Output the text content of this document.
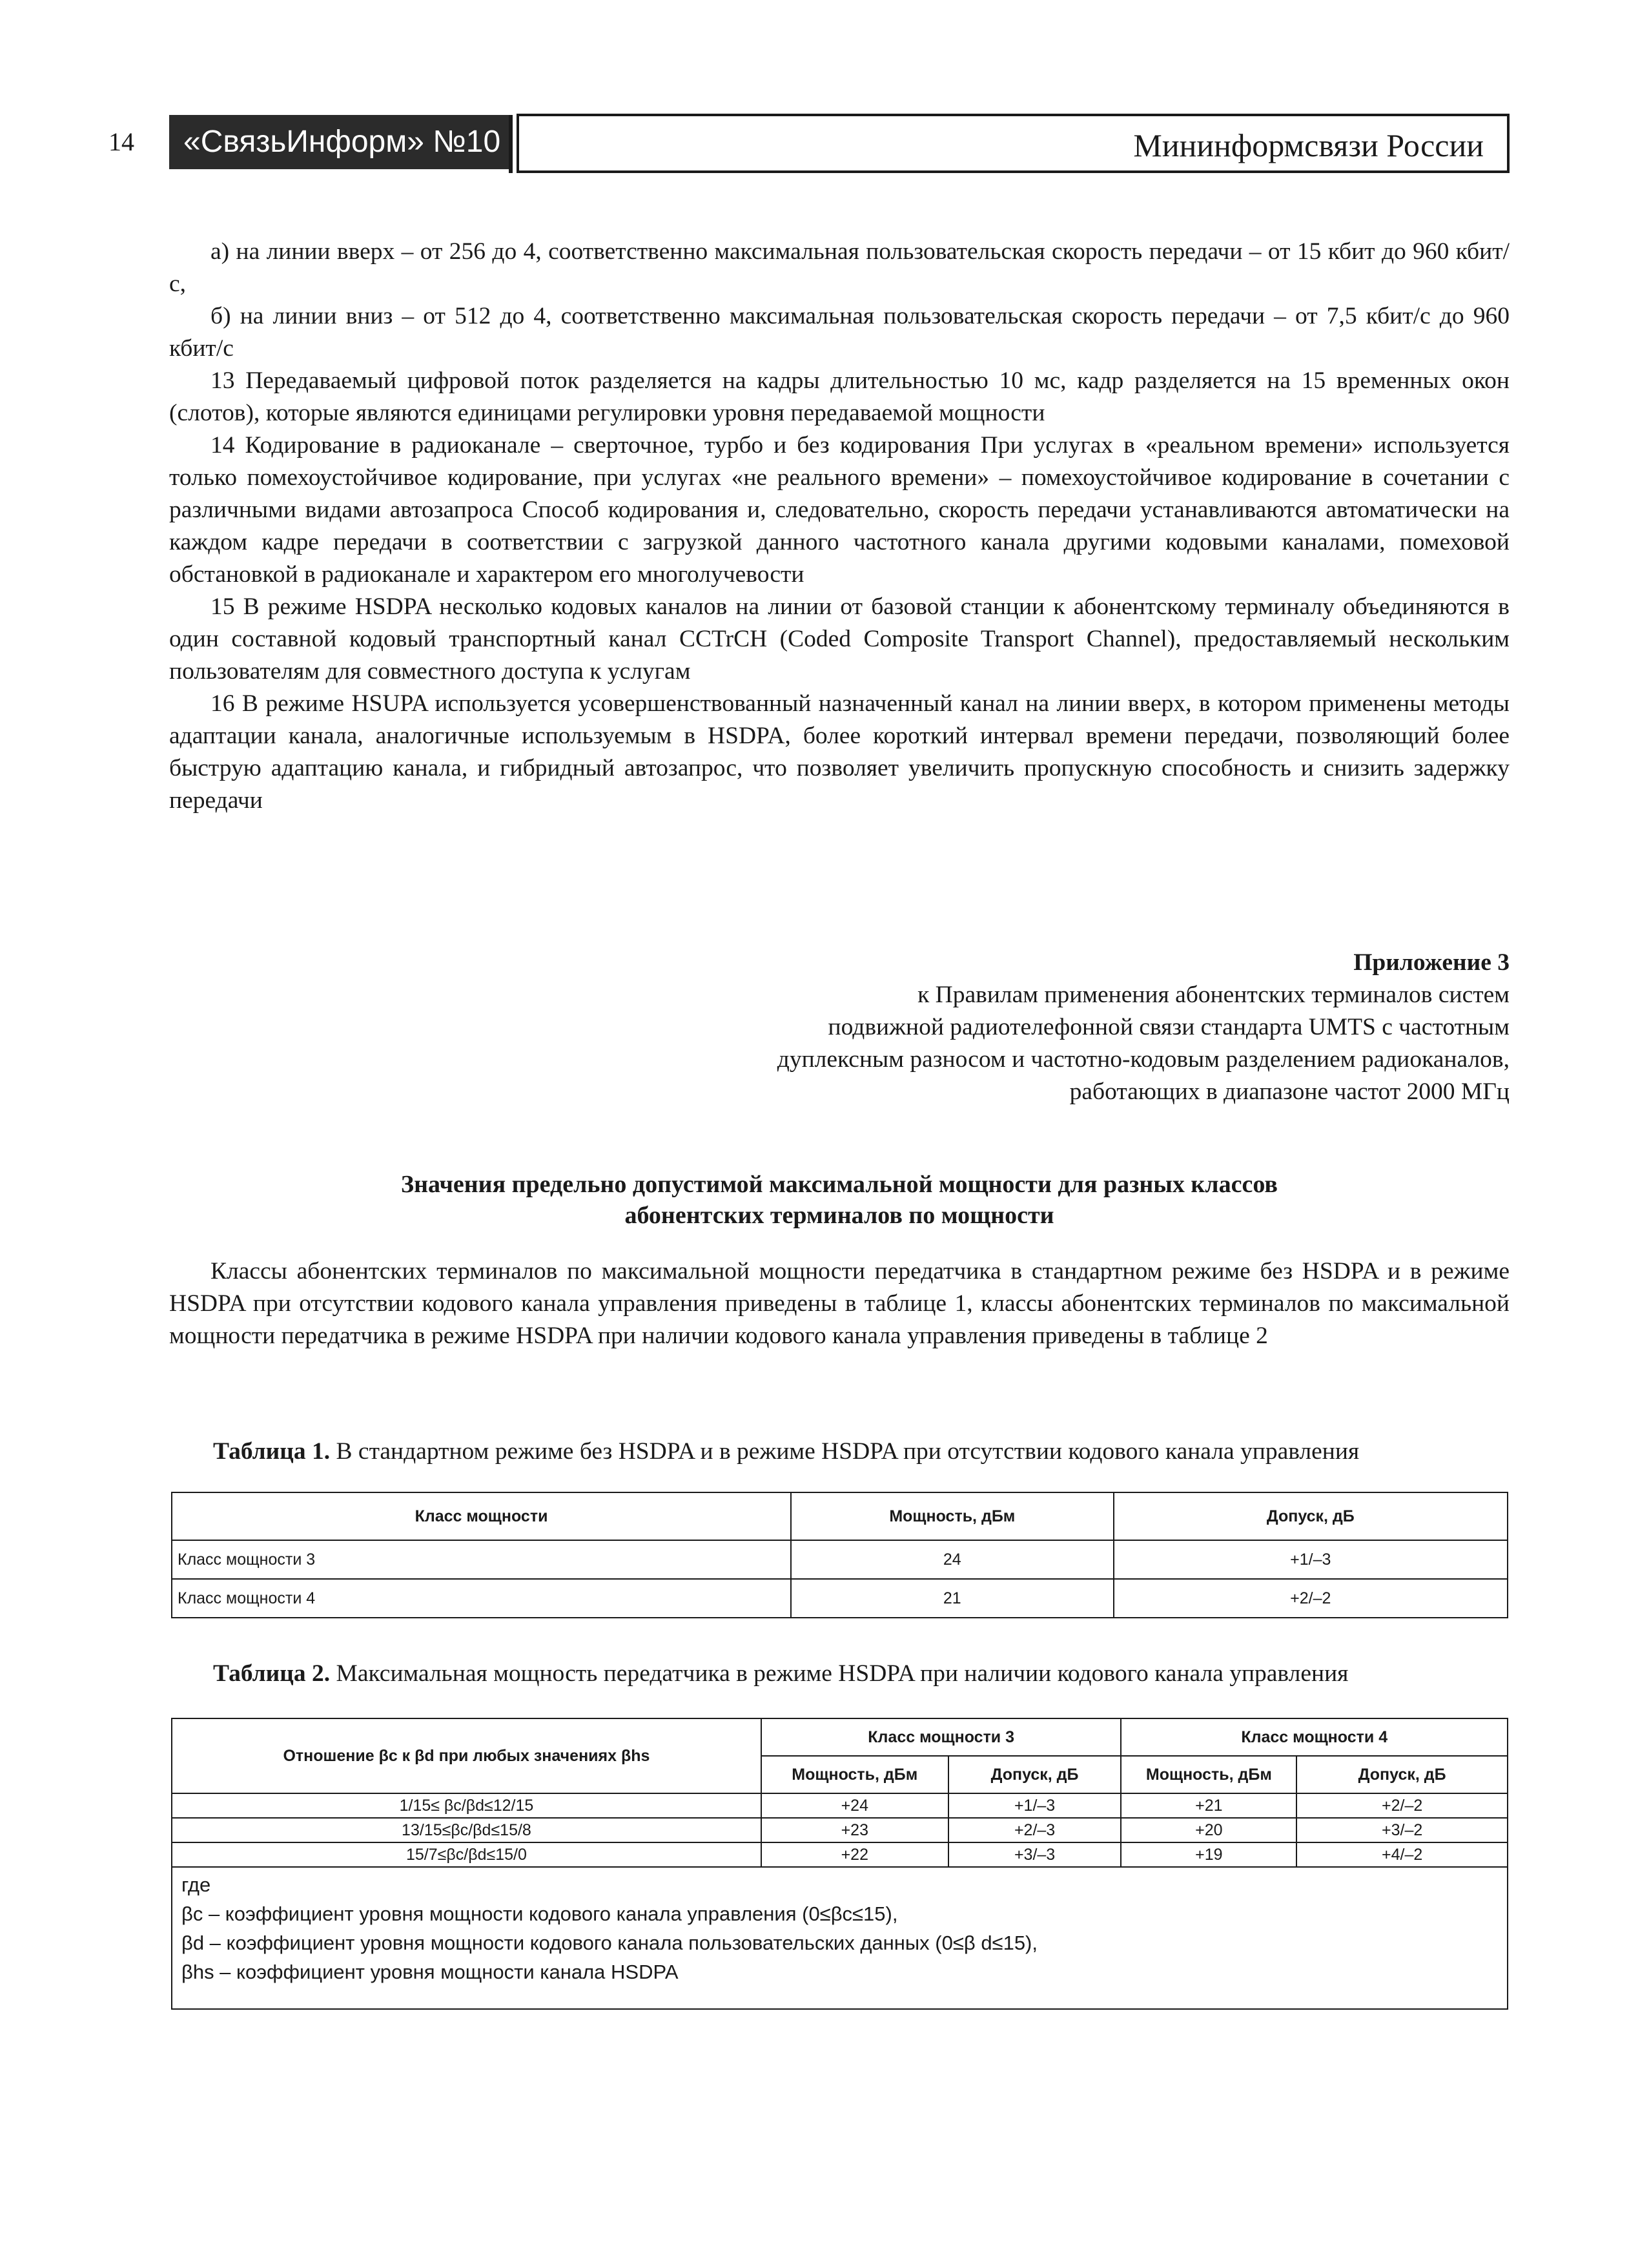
14	«СвязьИнформ» №10	Мининформсвязи России

а) на линии вверх – от 256 до 4, соответственно максимальная пользовательская скорость передачи – от 15 кбит до 960 кбит/с,

б) на линии вниз – от 512 до 4, соответственно максимальная пользовательская скорость передачи – от 7,5 кбит/с до 960 кбит/с

13 Передаваемый цифровой поток разделяется на кадры длительностью 10 мс, кадр разделяется на 15 временных окон (слотов), которые являются единицами регулировки уровня передаваемой мощности

14 Кодирование в радиоканале – сверточное, турбо и без кодирования При услугах в «реальном времени» используется только помехоустойчивое кодирование, при услугах «не реального времени» – помехоустойчивое кодирование в сочетании с различными видами автозапроса Способ кодирования и, следовательно, скорость передачи устанавливаются автоматически на каждом кадре передачи в соответствии с загрузкой данного частотного канала другими кодовыми каналами, помеховой обстановкой в радиоканале и характером его многолучевости

15 В режиме HSDPA несколько кодовых каналов на линии от базовой станции к абонентскому терминалу объединяются в один составной кодовый транспортный канал CCTrCH (Coded Composite Transport Channel), предоставляемый нескольким пользователям для совместного доступа к услугам

16 В режиме HSUPA используется усовершенствованный назначенный канал на линии вверх, в котором применены методы адаптации канала, аналогичные используемым в HSDPA, более короткий интервал времени передачи, позволяющий более быструю адаптацию канала, и гибридный автозапрос, что позволяет увеличить пропускную способность и снизить задержку передачи

Приложение 3
к Правилам применения абонентских терминалов систем
подвижной радиотелефонной связи стандарта UMTS с частотным
дуплексным разносом и частотно-кодовым разделением радиоканалов,
работающих в диапазоне частот 2000 МГц
Значения предельно допустимой максимальной мощности для разных классов
абонентских терминалов по мощности

Классы абонентских терминалов по максимальной мощности передатчика в стандартном режиме без HSDPA и в режиме HSDPA при отсутствии кодового канала управления приведены в таблице 1, классы абонентских терминалов по максимальной мощности передатчика в режиме HSDPA при наличии кодового канала управления приведены в таблице 2

Таблица 1. В стандартном режиме без HSDPA и в режиме HSDPA при отсутствии кодового канала управления
Класс мощности	Мощность, дБм	Допуск, дБ
Класс мощности 3	24	+1/–3
Класс мощности 4	21	+2/–2
Таблица 2. Максимальная мощность передатчика в режиме HSDPA при наличии кодового канала управления
Отношение βc к βd при любых значениях βhs	Класс мощности 3		Класс мощности 4	
	Мощность, дБм	Допуск, дБ	Мощность, дБм	Допуск, дБ
1/15≤ βc/βd≤12/15	+24	+1/–3	+21	+2/–2
13/15≤βc/βd≤15/8	+23	+2/–3	+20	+3/–2
15/7≤βc/βd≤15/0	+22	+3/–3	+19	+4/–2

где
βc – коэффициент уровня мощности кодового канала управления (0≤βc≤15),
βd – коэффициент уровня мощности кодового канала пользовательских данных (0≤β d≤15),
βhs – коэффициент уровня мощности канала HSDPA				
